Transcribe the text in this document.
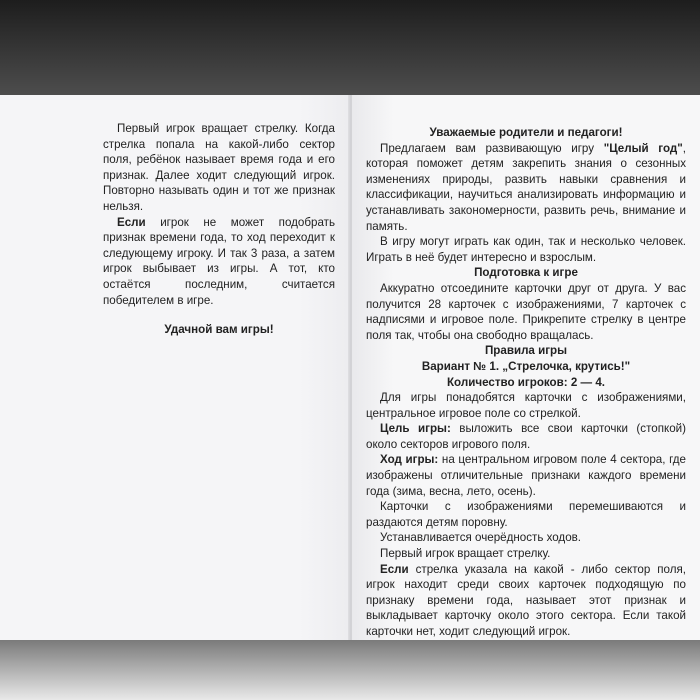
Первый игрок вращает стрелку. Когда стрелка попала на какой-либо сектор поля, ребёнок называет время года и его признак. Далее ходит следующий игрок. Повторно называть один и тот же признак нельзя.

Если игрок не может подобрать признак времени года, то ход переходит к следующему игроку. И так 3 раза, а затем игрок выбывает из игры. А тот, кто остаётся последним, считается победителем в игре.

Удачной вам игры!

Уважаемые родители и педагоги!

Предлагаем вам развивающую игру "Целый год", которая поможет детям закрепить знания о сезонных изменениях природы, развить навыки сравнения и классификации, научиться анализировать информацию и устанавливать закономерности, развить речь, внимание и память.

В игру могут играть как один, так и несколько человек. Играть в неё будет интересно и взрослым.

Подготовка к игре

Аккуратно отсоедините карточки друг от друга. У вас получится 28 карточек с изображениями, 7 карточек с надписями и игровое поле. Прикрепите стрелку в центре поля так, чтобы она свободно вращалась.

Правила игры

Вариант № 1. „Стрелочка, крутись!"

Количество игроков: 2 — 4.

Для игры понадобятся карточки с изображениями, центральное игровое поле со стрелкой.

Цель игры: выложить все свои карточки (стопкой) около секторов игрового поля.

Ход игры: на центральном игровом поле 4 сектора, где изображены отличительные признаки каждого времени года (зима, весна, лето, осень).

Карточки с изображениями перемешиваются и раздаются детям поровну.

Устанавливается очерёдность ходов.

Первый игрок вращает стрелку.

Если стрелка указала на какой - либо сектор поля, игрок находит среди своих карточек подходящую по признаку времени года, называет этот признак и выкладывает карточку около этого сектора. Если такой карточки нет, ходит следующий игрок.
